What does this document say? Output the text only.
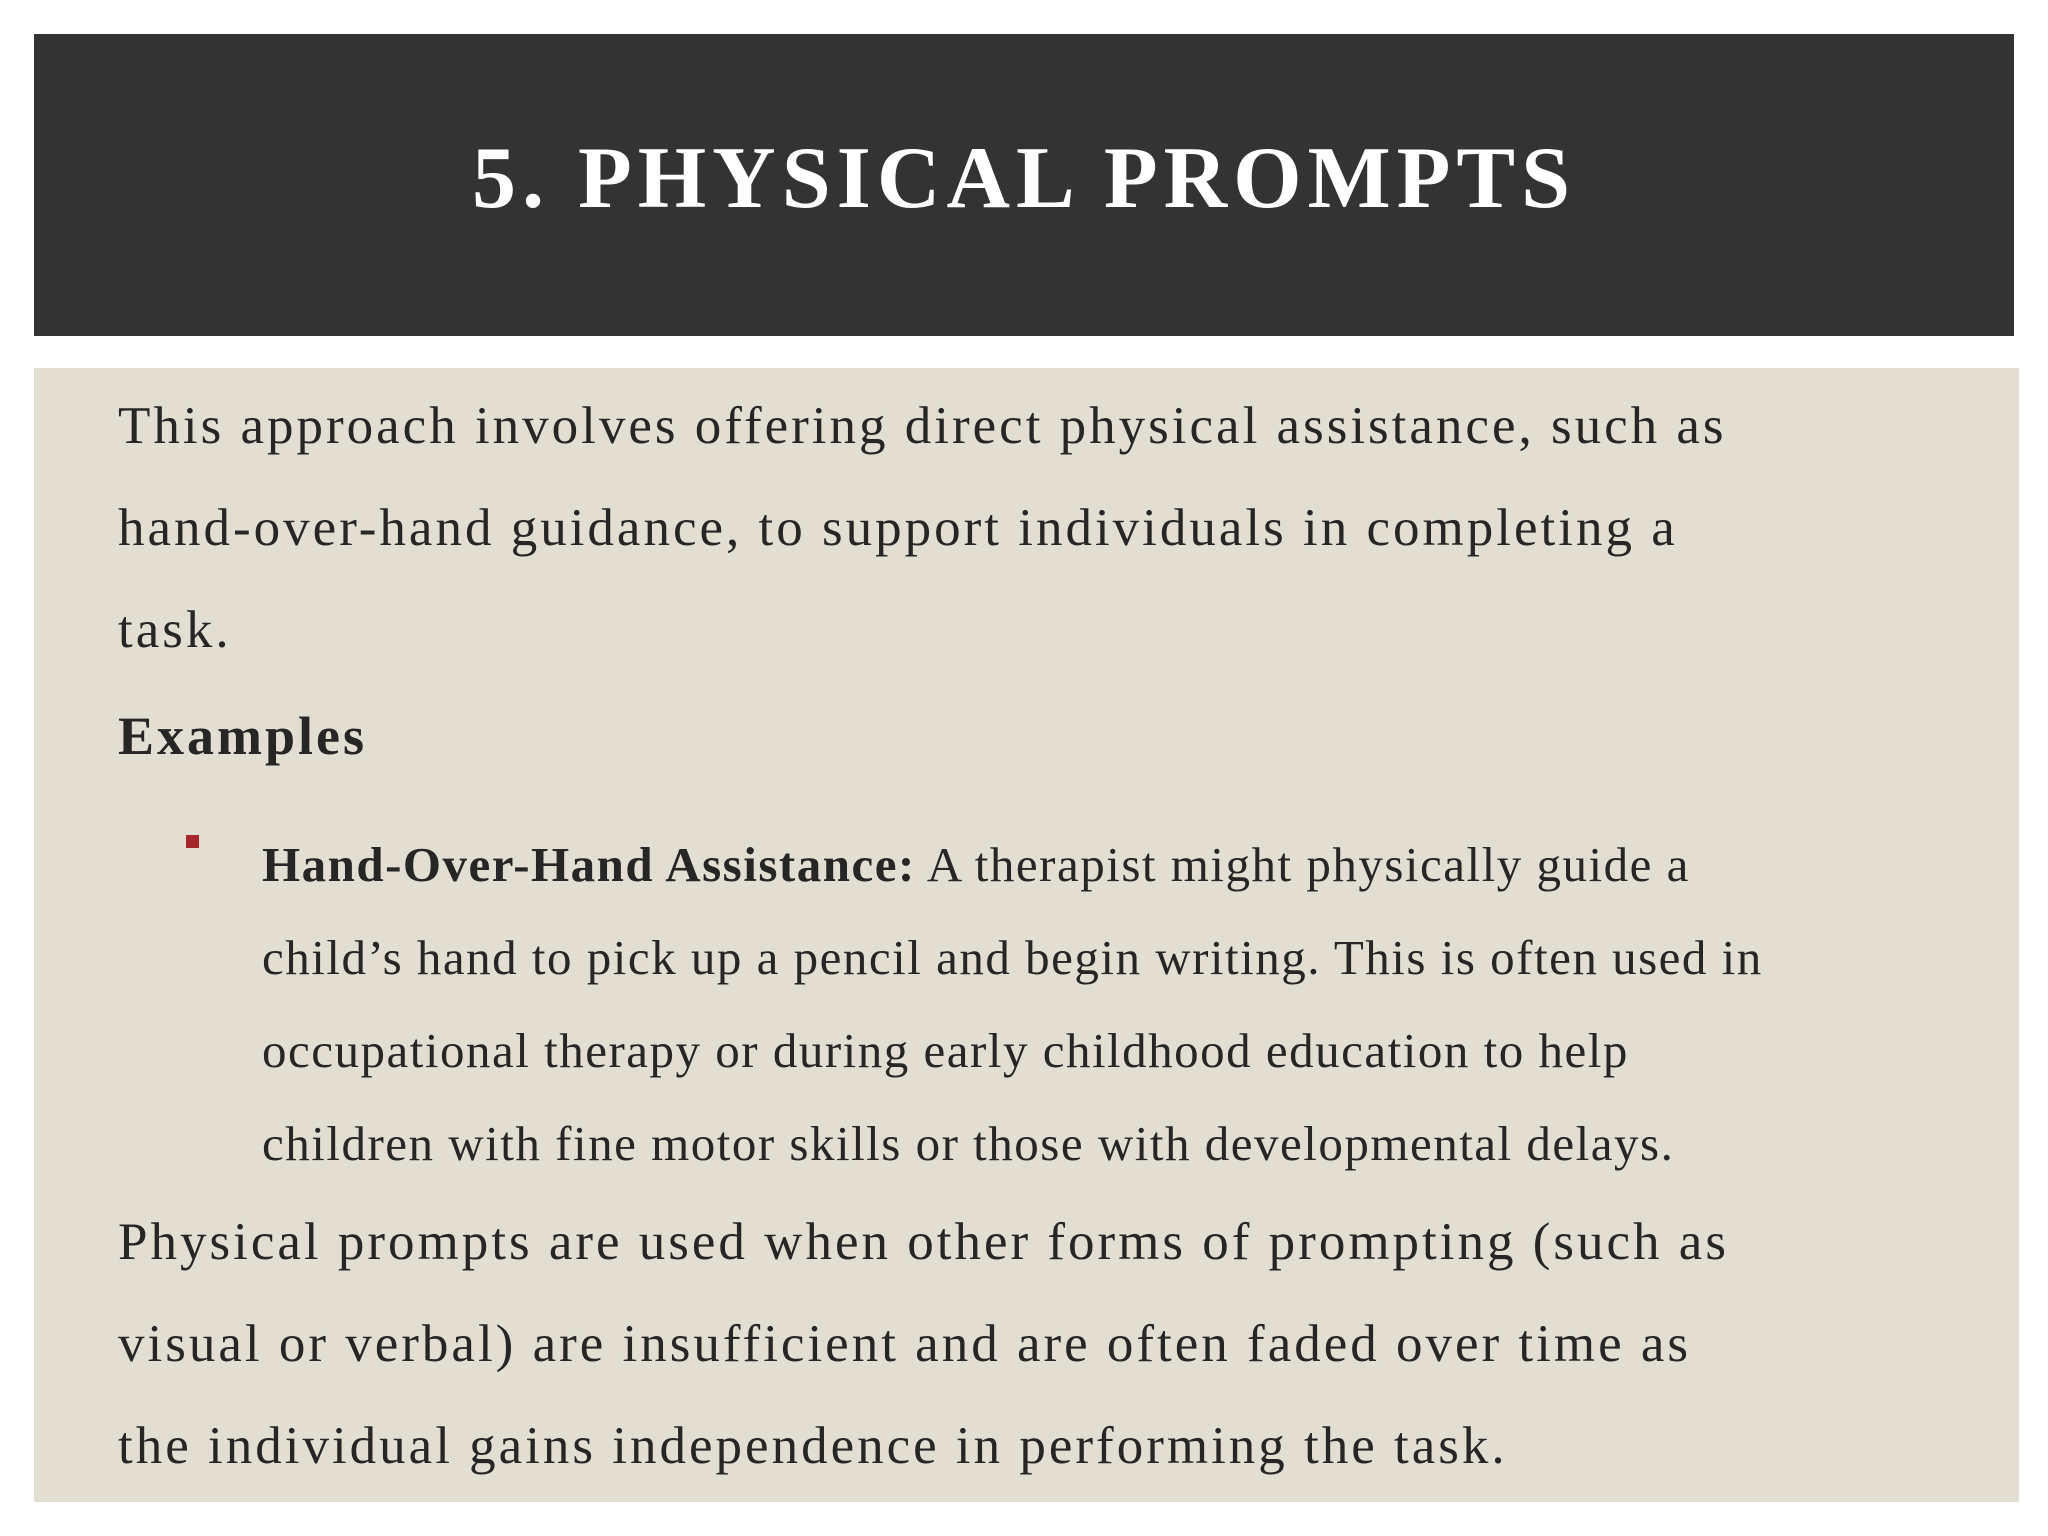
5. PHYSICAL PROMPTS

This approach involves offering direct physical assistance, such as
hand-over-hand guidance, to support individuals in completing a
task.

Examples

Hand-Over-Hand Assistance: A therapist might physically guide a
child’s hand to pick up a pencil and begin writing. This is often used in
occupational therapy or during early childhood education to help
children with fine motor skills or those with developmental delays.

Physical prompts are used when other forms of prompting (such as
visual or verbal) are insufficient and are often faded over time as
the individual gains independence in performing the task.
